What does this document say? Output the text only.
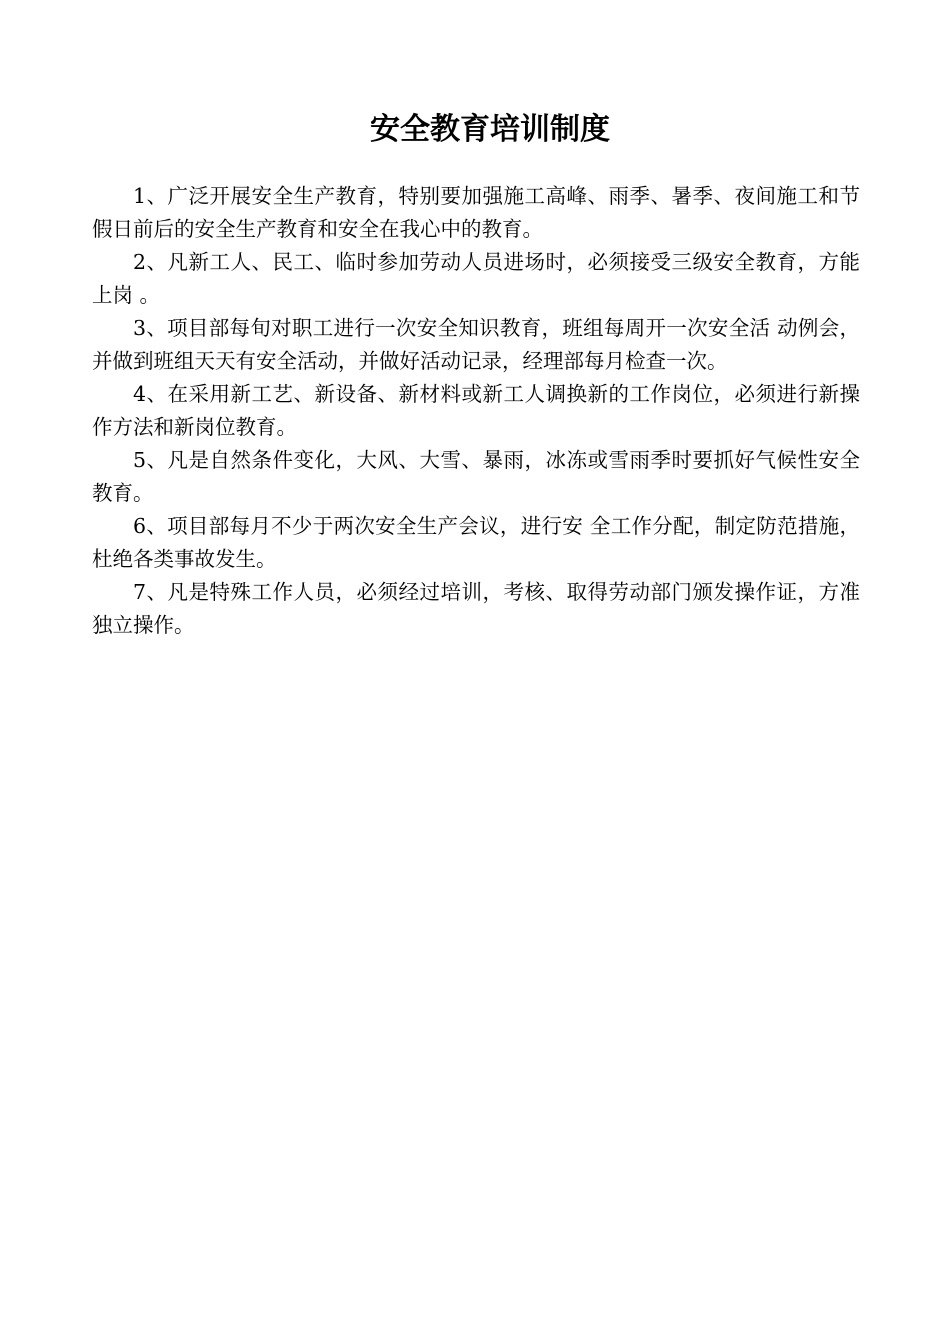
安全教育培训制度

1、广泛开展安全生产教育，特别要加强施工高峰、雨季、暑季、夜间施工和节假日前后的安全生产教育和安全在我心中的教育。

2、凡新工人、民工、临时参加劳动人员进场时，必须接受三级安全教育，方能上岗 。

3、项目部每旬对职工进行一次安全知识教育，班组每周开一次安全活 动例会，并做到班组天天有安全活动，并做好活动记录，经理部每月检查一次。

4、在采用新工艺、新设备、新材料或新工人调换新的工作岗位，必须进行新操作方法和新岗位教育。

5、凡是自然条件变化，大风、大雪、暴雨，冰冻或雪雨季时要抓好气候性安全教育。

6、项目部每月不少于两次安全生产会议，进行安 全工作分配，制定防范措施，杜绝各类事故发生。

7、凡是特殊工作人员，必须经过培训，考核、取得劳动部门颁发操作证，方准独立操作。
